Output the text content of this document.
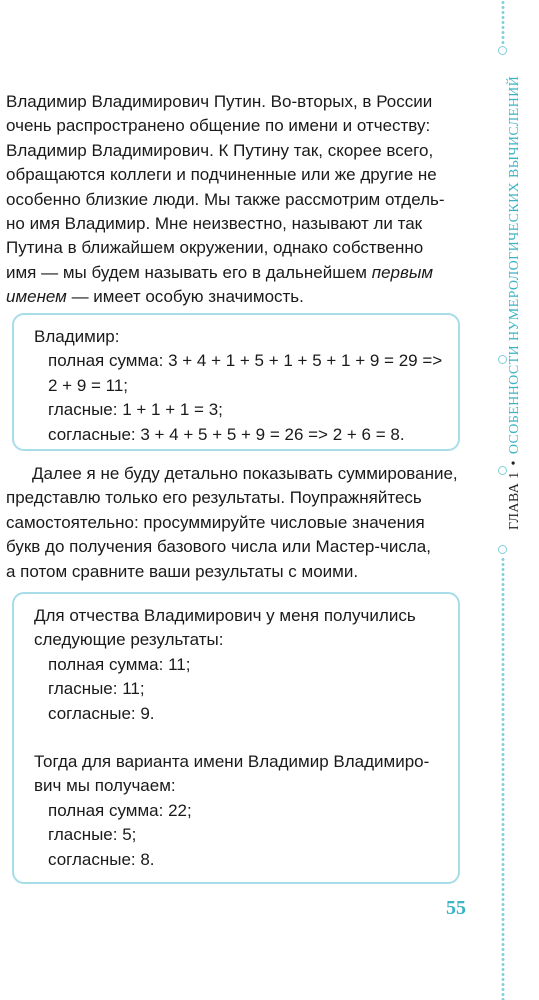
Владимир Владимирович Путин. Во-вторых, в России
очень распространено общение по имени и отчеству:
Владимир Владимирович. К Путину так, скорее всего,
обращаются коллеги и подчиненные или же другие не
особенно близкие люди. Мы также рассмотрим отдель-
но имя Владимир. Мне неизвестно, называют ли так
Путина в ближайшем окружении, однако собственно
имя — мы будем называть его в дальнейшем первым
именем — имеет особую значимость.
Владимир:
полная сумма: 3 + 4 + 1 + 5 + 1 + 5 + 1 + 9 = 29 =>
2 + 9 = 11;
гласные: 1 + 1 + 1 = 3;
согласные: 3 + 4 + 5 + 5 + 9 = 26 => 2 + 6 = 8.
Далее я не буду детально показывать суммирование,
представлю только его результаты. Поупражняйтесь
самостоятельно: просуммируйте числовые значения
букв до получения базового числа или Мастер-числа,
а потом сравните ваши результаты с моими.
Для отчества Владимирович у меня получились
следующие результаты:
полная сумма: 11;
гласные: 11;
согласные: 9.
Тогда для варианта имени Владимир Владимиро-
вич мы получаем:
полная сумма: 22;
гласные: 5;
согласные: 8.
55
ГЛАВА 1•ОСОБЕННОСТИ НУМЕРОЛОГИЧЕСКИХ ВЫЧИСЛЕНИЙ
